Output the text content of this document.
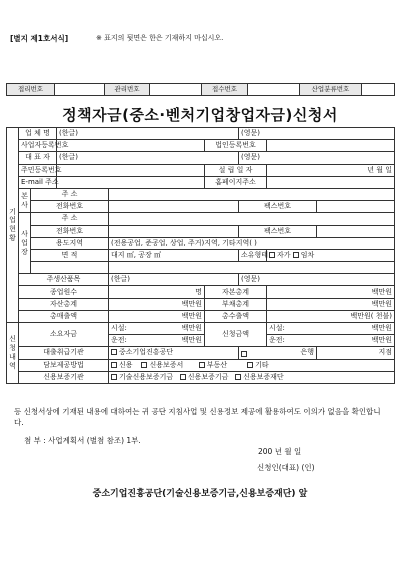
[별지 제1호서식]	※ 표지의 뒷면은 한은 기재하지 마십시오.
접리번호		관리번호		접수번호		산업분류번호	
정책자금(중소·벤처기업창업자금)신청서
기업현황	업 체 명		(한글)			(영문)		
	사업자등록번호				법인등록번호			
	대 표 자		(한글)			(영문)		
	주민등록번호				설 립 일 자		년 월 일	
	E-mail 주소				홈페이지주소			

	본사	주 소						
		전화번호				팩스번호		

	사업장	주 소						
		전화번호				팩스번호		
		용도지역		(전용공업, 준공업, 상업, 주거)지역, 기타지역( )				
		면 적		대지 ㎡, 공장 ㎡		소유형태	자가 임차	

	주생산품목			(한글)		(영문)		
	종업원수			명	자본총계		백만원	
	자산총계			백만원	부채총계		백만원	
	총매출액			백만원	총수출액		백만원( 천불)	

신청내역	소요자금			시설: 백만원	신청금액		시설: 백만원	

				운전: 백만원			운전: 백만원	

	대출취급기관			중소기업진흥공단		은행		지점
	담보제공방법			신용 신용보증서 부동산 기타				
	신용보증기관			기술신용보증기금 신용보증기금 신용보증재단				
등 신청서상에 기재된 내용에 대하여는 귀 공단 지침사업 및 신용정보 제공에 활용하여도 이의가 없음을 확인합니다.
첨 부 : 사업계획서 (별첨 참조) 1부.
200 년 월 일
신청인(대표) (인)
중소기업진흥공단(기술신용보증기금,신용보증재단) 앞
